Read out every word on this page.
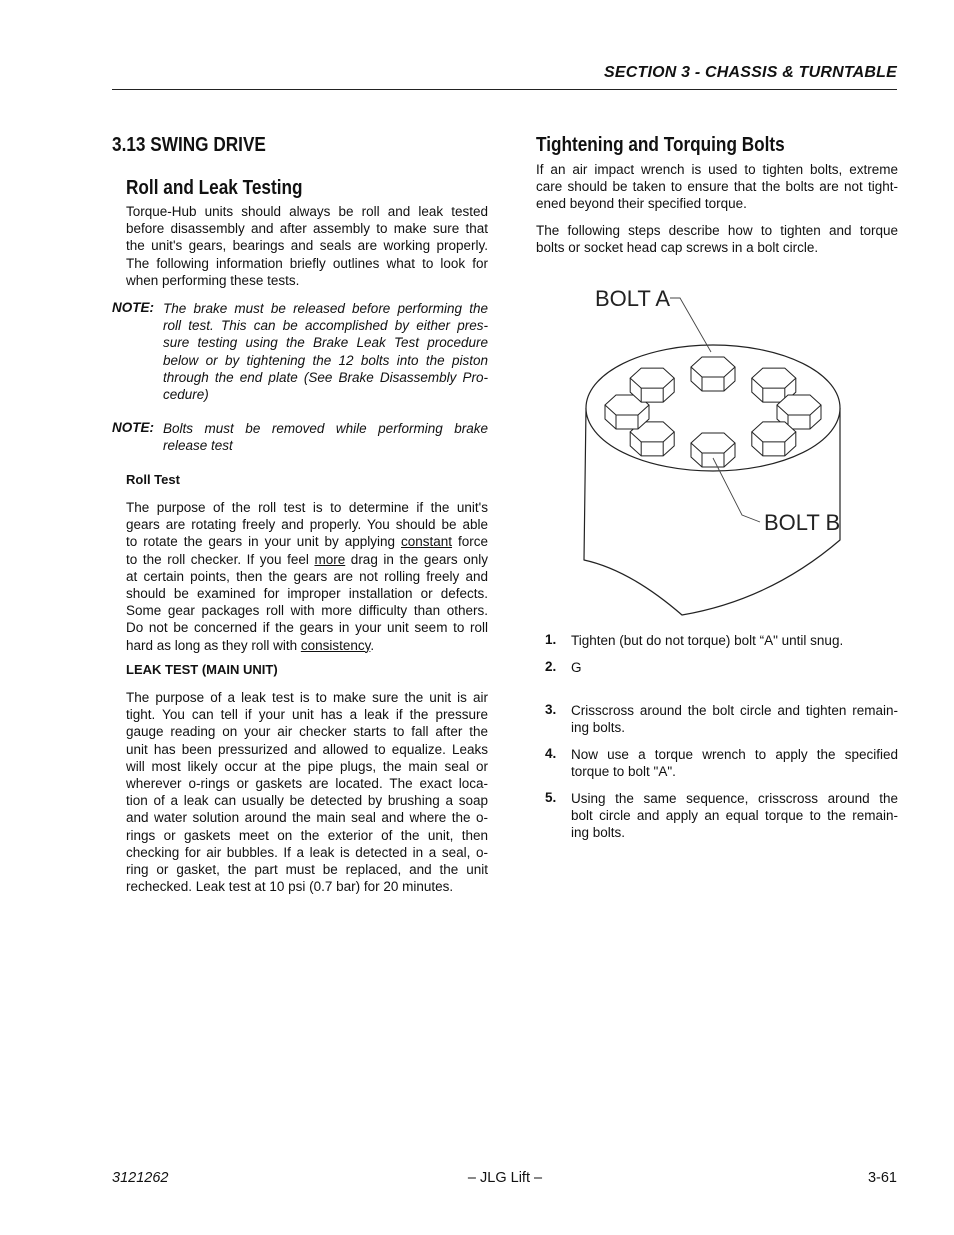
SECTION 3 - CHASSIS & TURNTABLE
3.13 SWING DRIVE
Roll and Leak Testing
Torque-Hub units should always be roll and leak tested
before disassembly and after assembly to make sure that
the unit's gears, bearings and seals are working properly.
The following information briefly outlines what to look for
when performing these tests.
NOTE: The brake must be released before performing the
roll test. This can be accomplished by either pres-
sure testing using the Brake Leak Test procedure
below or by tightening the 12 bolts into the piston
through the end plate (See Brake Disassembly Pro-
cedure)
NOTE: Bolts must be removed while performing brake
release test
Roll Test
The purpose of the roll test is to determine if the unit's
gears are rotating freely and properly. You should be able
to rotate the gears in your unit by applying constant force
to the roll checker. If you feel more drag in the gears only
at certain points, then the gears are not rolling freely and
should be examined for improper installation or defects.
Some gear packages roll with more difficulty than others.
Do not be concerned if the gears in your unit seem to roll
hard as long as they roll with consistency.
LEAK TEST (MAIN UNIT)
The purpose of a leak test is to make sure the unit is air
tight. You can tell if your unit has a leak if the pressure
gauge reading on your air checker starts to fall after the
unit has been pressurized and allowed to equalize. Leaks
will most likely occur at the pipe plugs, the main seal or
wherever o-rings or gaskets are located. The exact loca-
tion of a leak can usually be detected by brushing a soap
and water solution around the main seal and where the o-
rings or gaskets meet on the exterior of the unit, then
checking for air bubbles. If a leak is detected in a seal, o-
ring or gasket, the part must be replaced, and the unit
rechecked. Leak test at 10 psi (0.7 bar) for 20 minutes.
Tightening and Torquing Bolts
If an air impact wrench is used to tighten bolts, extreme
care should be taken to ensure that the bolts are not tight-
ened beyond their specified torque.
The following steps describe how to tighten and torque
bolts or socket head cap screws in a bolt circle.
BOLT A
BOLT B
1. Tighten (but do not torque) bolt “A" until snug.
2. G
3. Crisscross around the bolt circle and tighten remain-
ing bolts.
4. Now use a torque wrench to apply the specified
torque to bolt "A".
5. Using the same sequence, crisscross around the
bolt circle and apply an equal torque to the remain-
ing bolts.
3121262	– JLG Lift –	3-61
